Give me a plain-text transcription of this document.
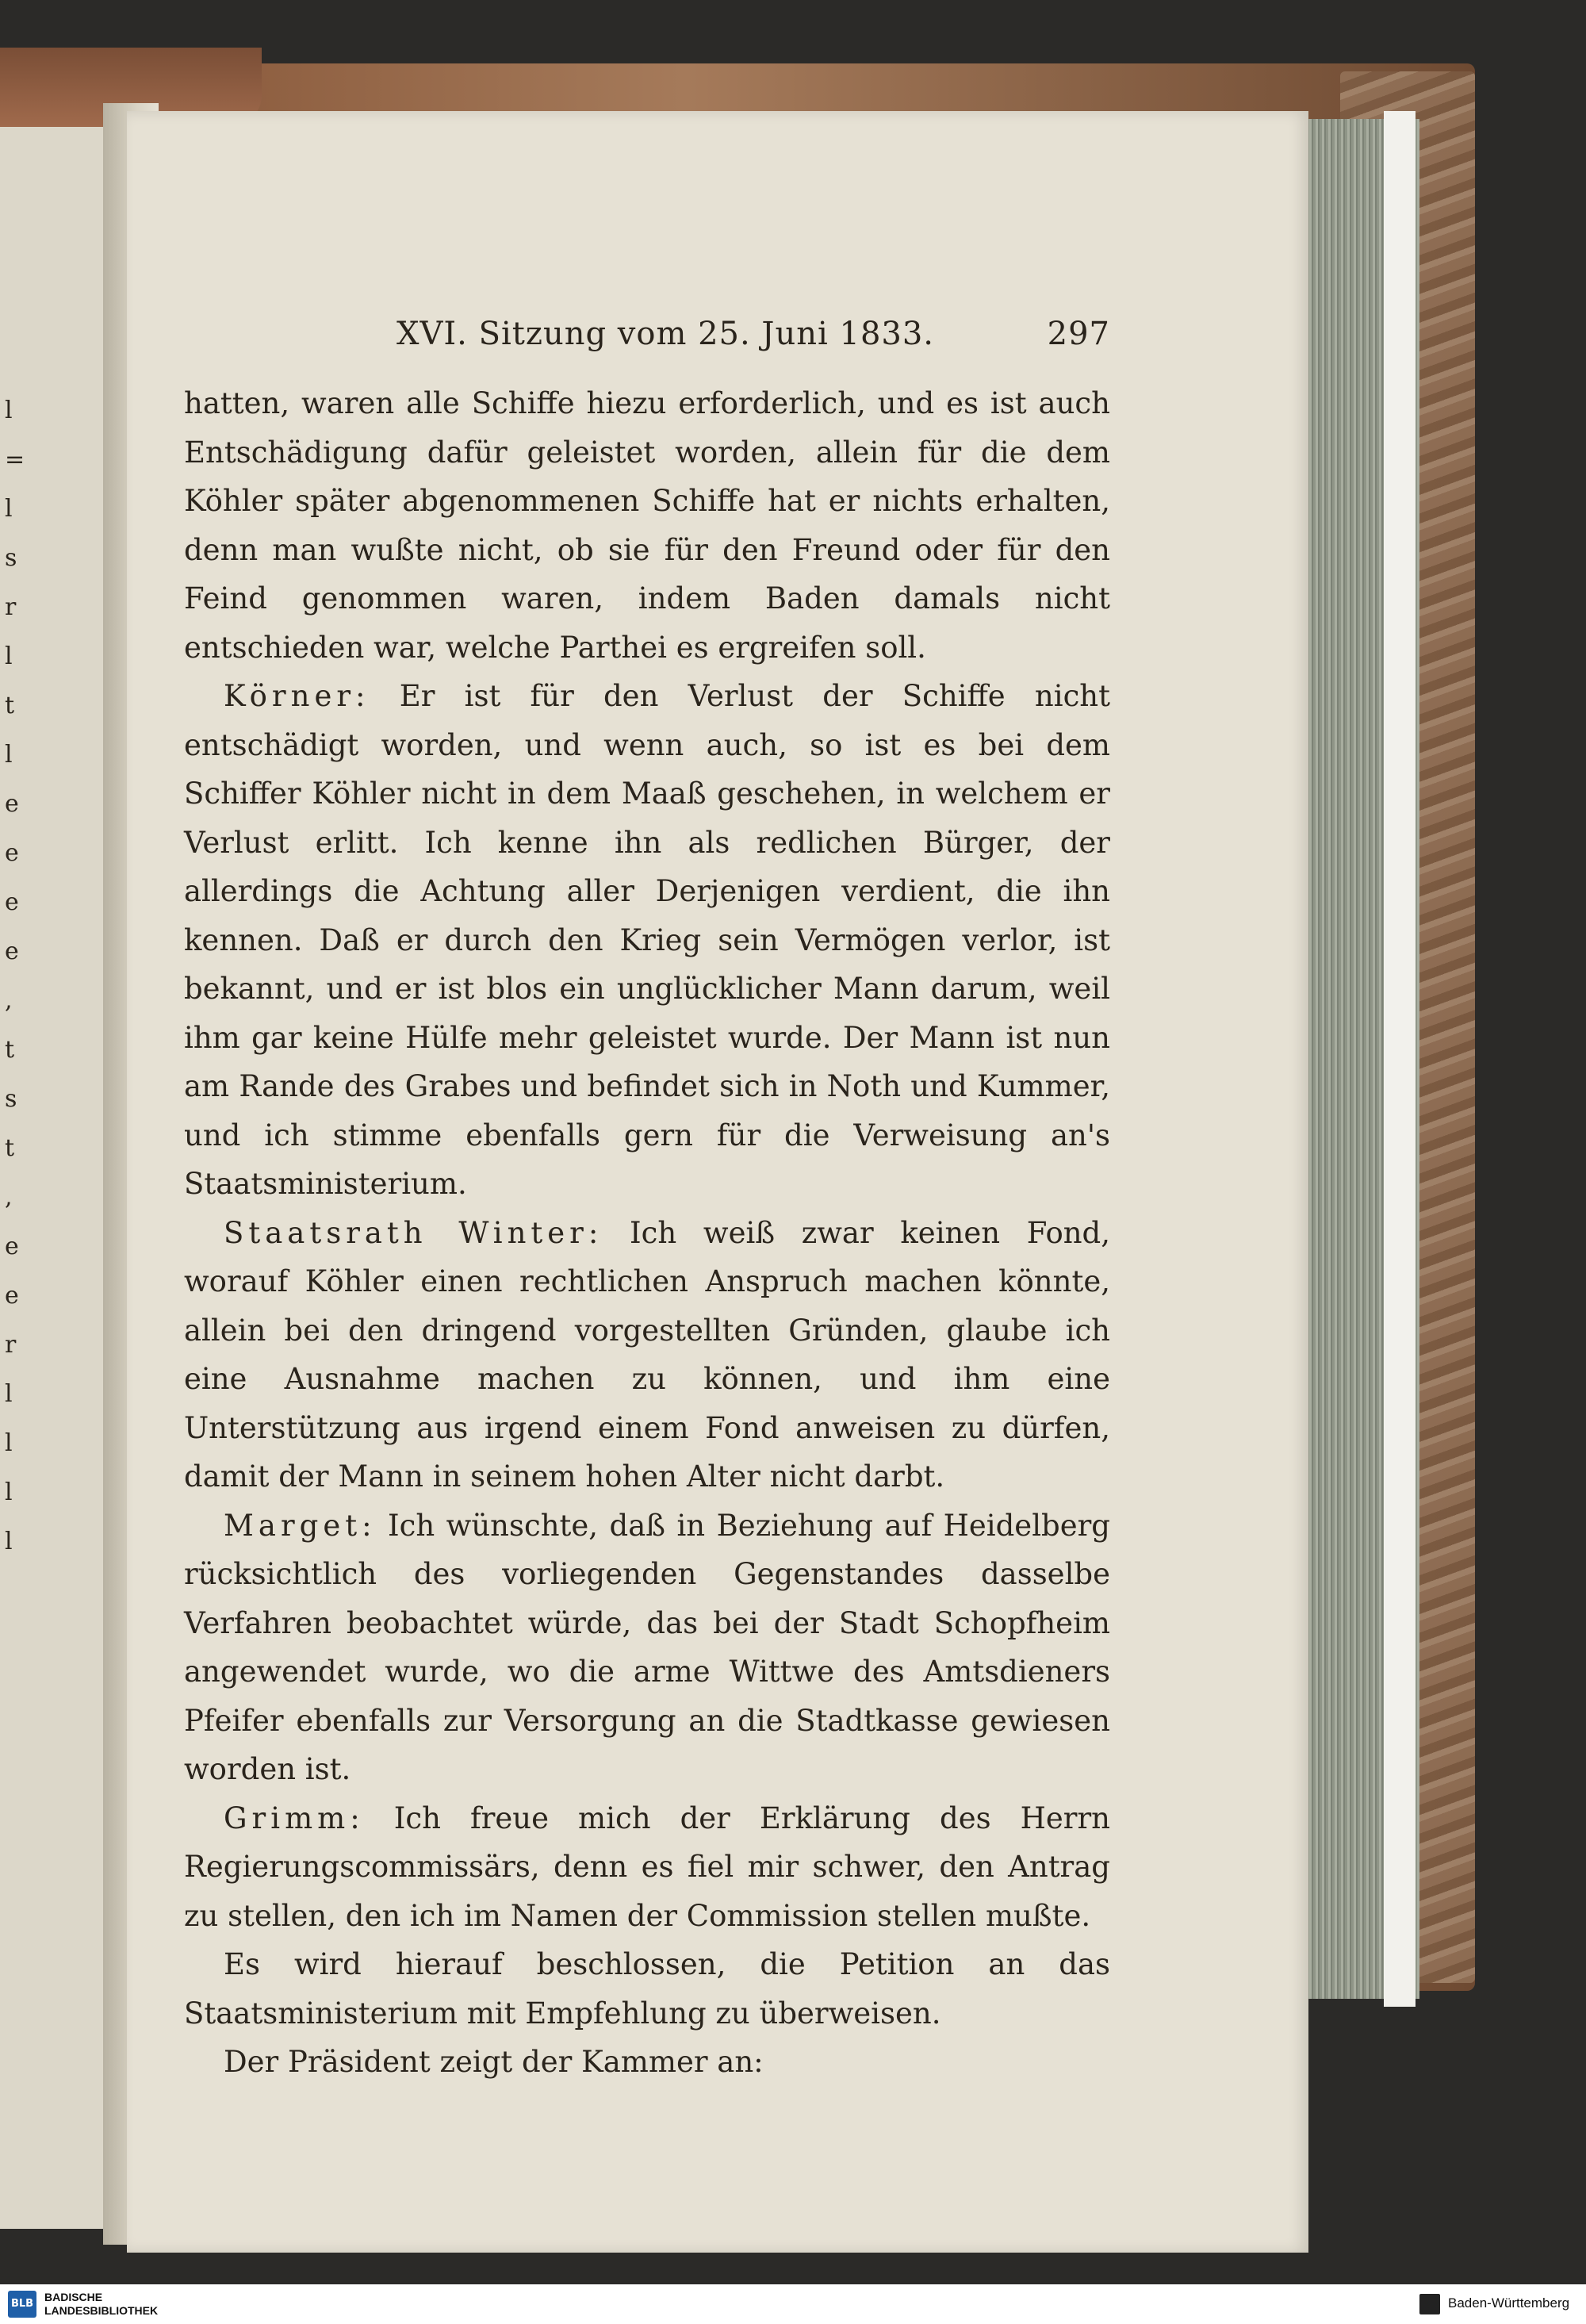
l
=
l
s
r
l
t
l
e
e
e
e
,
t
s
t
,
e
e
r
l
l
l
l
XVI. Sitzung vom 25. Juni 1833.	297

hatten, waren alle Schiffe hiezu erforderlich, und es ist auch Entschädigung dafür geleistet worden, allein für die dem Köhler später abgenommenen Schiffe hat er nichts erhalten, denn man wußte nicht, ob sie für den Freund oder für den Feind genommen waren, indem Baden damals nicht entschieden war, welche Parthei es ergreifen soll.

Körner: Er ist für den Verlust der Schiffe nicht entschädigt worden, und wenn auch, so ist es bei dem Schiffer Köhler nicht in dem Maaß geschehen, in welchem er Verlust erlitt. Ich kenne ihn als redlichen Bürger, der allerdings die Achtung aller Derjenigen verdient, die ihn kennen. Daß er durch den Krieg sein Vermögen verlor, ist bekannt, und er ist blos ein unglücklicher Mann darum, weil ihm gar keine Hülfe mehr geleistet wurde. Der Mann ist nun am Rande des Grabes und befindet sich in Noth und Kummer, und ich stimme ebenfalls gern für die Verweisung an's Staatsministerium.

Staatsrath Winter: Ich weiß zwar keinen Fond, worauf Köhler einen rechtlichen Anspruch machen könnte, allein bei den dringend vorgestellten Gründen, glaube ich eine Ausnahme machen zu können, und ihm eine Unterstützung aus irgend einem Fond anweisen zu dürfen, damit der Mann in seinem hohen Alter nicht darbt.

Marget: Ich wünschte, daß in Beziehung auf Heidelberg rücksichtlich des vorliegenden Gegenstandes dasselbe Verfahren beobachtet würde, das bei der Stadt Schopfheim angewendet wurde, wo die arme Wittwe des Amtsdieners Pfeifer ebenfalls zur Versorgung an die Stadtkasse gewiesen worden ist.

Grimm: Ich freue mich der Erklärung des Herrn Regierungscommissärs, denn es fiel mir schwer, den Antrag zu stellen, den ich im Namen der Commission stellen mußte.

Es wird hierauf beschlossen, die Petition an das Staatsministerium mit Empfehlung zu überweisen.

Der Präsident zeigt der Kammer an:

BLB
BADISCHE
LANDESBIBLIOTHEK	Baden-Württemberg
